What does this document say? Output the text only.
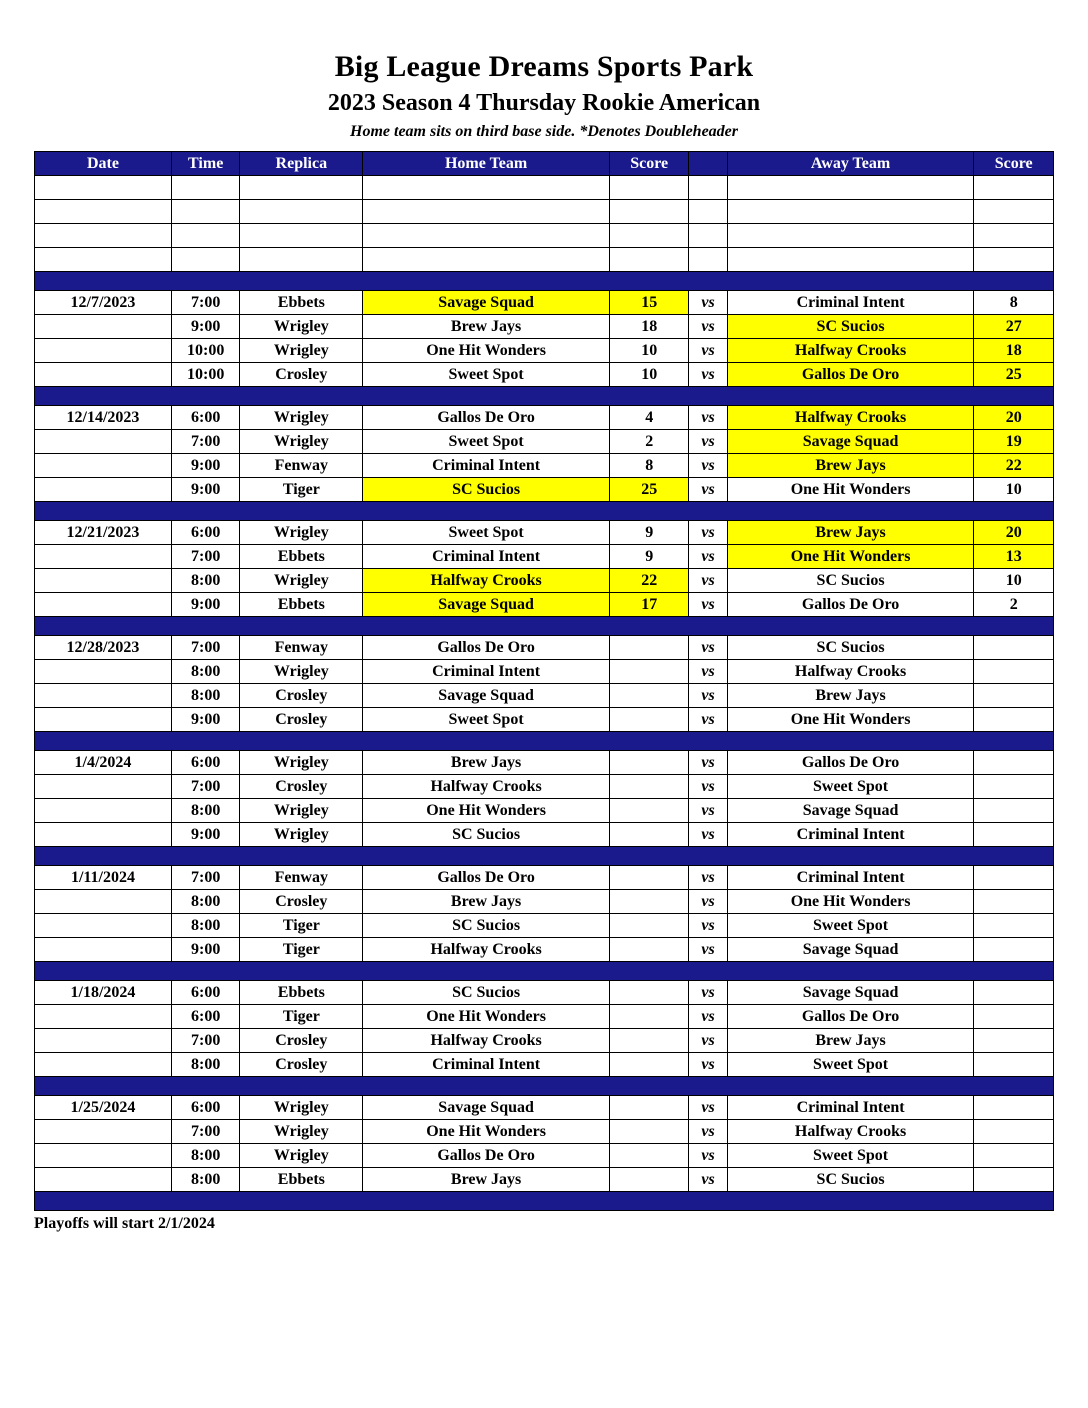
Big League Dreams Sports Park
2023 Season 4 Thursday Rookie American
Home team sits on third base side. *Denotes Doubleheader
Date	Time	Replica	Home Team	Score		Away Team	Score

12/7/2023	7:00	Ebbets	Savage Squad	15	vs	Criminal Intent	8
	9:00	Wrigley	Brew Jays	18	vs	SC Sucios	27
	10:00	Wrigley	One Hit Wonders	10	vs	Halfway Crooks	18
	10:00	Crosley	Sweet Spot	10	vs	Gallos De Oro	25

12/14/2023	6:00	Wrigley	Gallos De Oro	4	vs	Halfway Crooks	20
	7:00	Wrigley	Sweet Spot	2	vs	Savage Squad	19
	9:00	Fenway	Criminal Intent	8	vs	Brew Jays	22
	9:00	Tiger	SC Sucios	25	vs	One Hit Wonders	10

12/21/2023	6:00	Wrigley	Sweet Spot	9	vs	Brew Jays	20
	7:00	Ebbets	Criminal Intent	9	vs	One Hit Wonders	13
	8:00	Wrigley	Halfway Crooks	22	vs	SC Sucios	10
	9:00	Ebbets	Savage Squad	17	vs	Gallos De Oro	2

12/28/2023	7:00	Fenway	Gallos De Oro		vs	SC Sucios	
	8:00	Wrigley	Criminal Intent		vs	Halfway Crooks	
	8:00	Crosley	Savage Squad		vs	Brew Jays	
	9:00	Crosley	Sweet Spot		vs	One Hit Wonders	

1/4/2024	6:00	Wrigley	Brew Jays		vs	Gallos De Oro	
	7:00	Crosley	Halfway Crooks		vs	Sweet Spot	
	8:00	Wrigley	One Hit Wonders		vs	Savage Squad	
	9:00	Wrigley	SC Sucios		vs	Criminal Intent	

1/11/2024	7:00	Fenway	Gallos De Oro		vs	Criminal Intent	
	8:00	Crosley	Brew Jays		vs	One Hit Wonders	
	8:00	Tiger	SC Sucios		vs	Sweet Spot	
	9:00	Tiger	Halfway Crooks		vs	Savage Squad	

1/18/2024	6:00	Ebbets	SC Sucios		vs	Savage Squad	
	6:00	Tiger	One Hit Wonders		vs	Gallos De Oro	
	7:00	Crosley	Halfway Crooks		vs	Brew Jays	
	8:00	Crosley	Criminal Intent		vs	Sweet Spot	

1/25/2024	6:00	Wrigley	Savage Squad		vs	Criminal Intent	
	7:00	Wrigley	One Hit Wonders		vs	Halfway Crooks	
	8:00	Wrigley	Gallos De Oro		vs	Sweet Spot	
	8:00	Ebbets	Brew Jays		vs	SC Sucios	

Playoffs will start 2/1/2024
